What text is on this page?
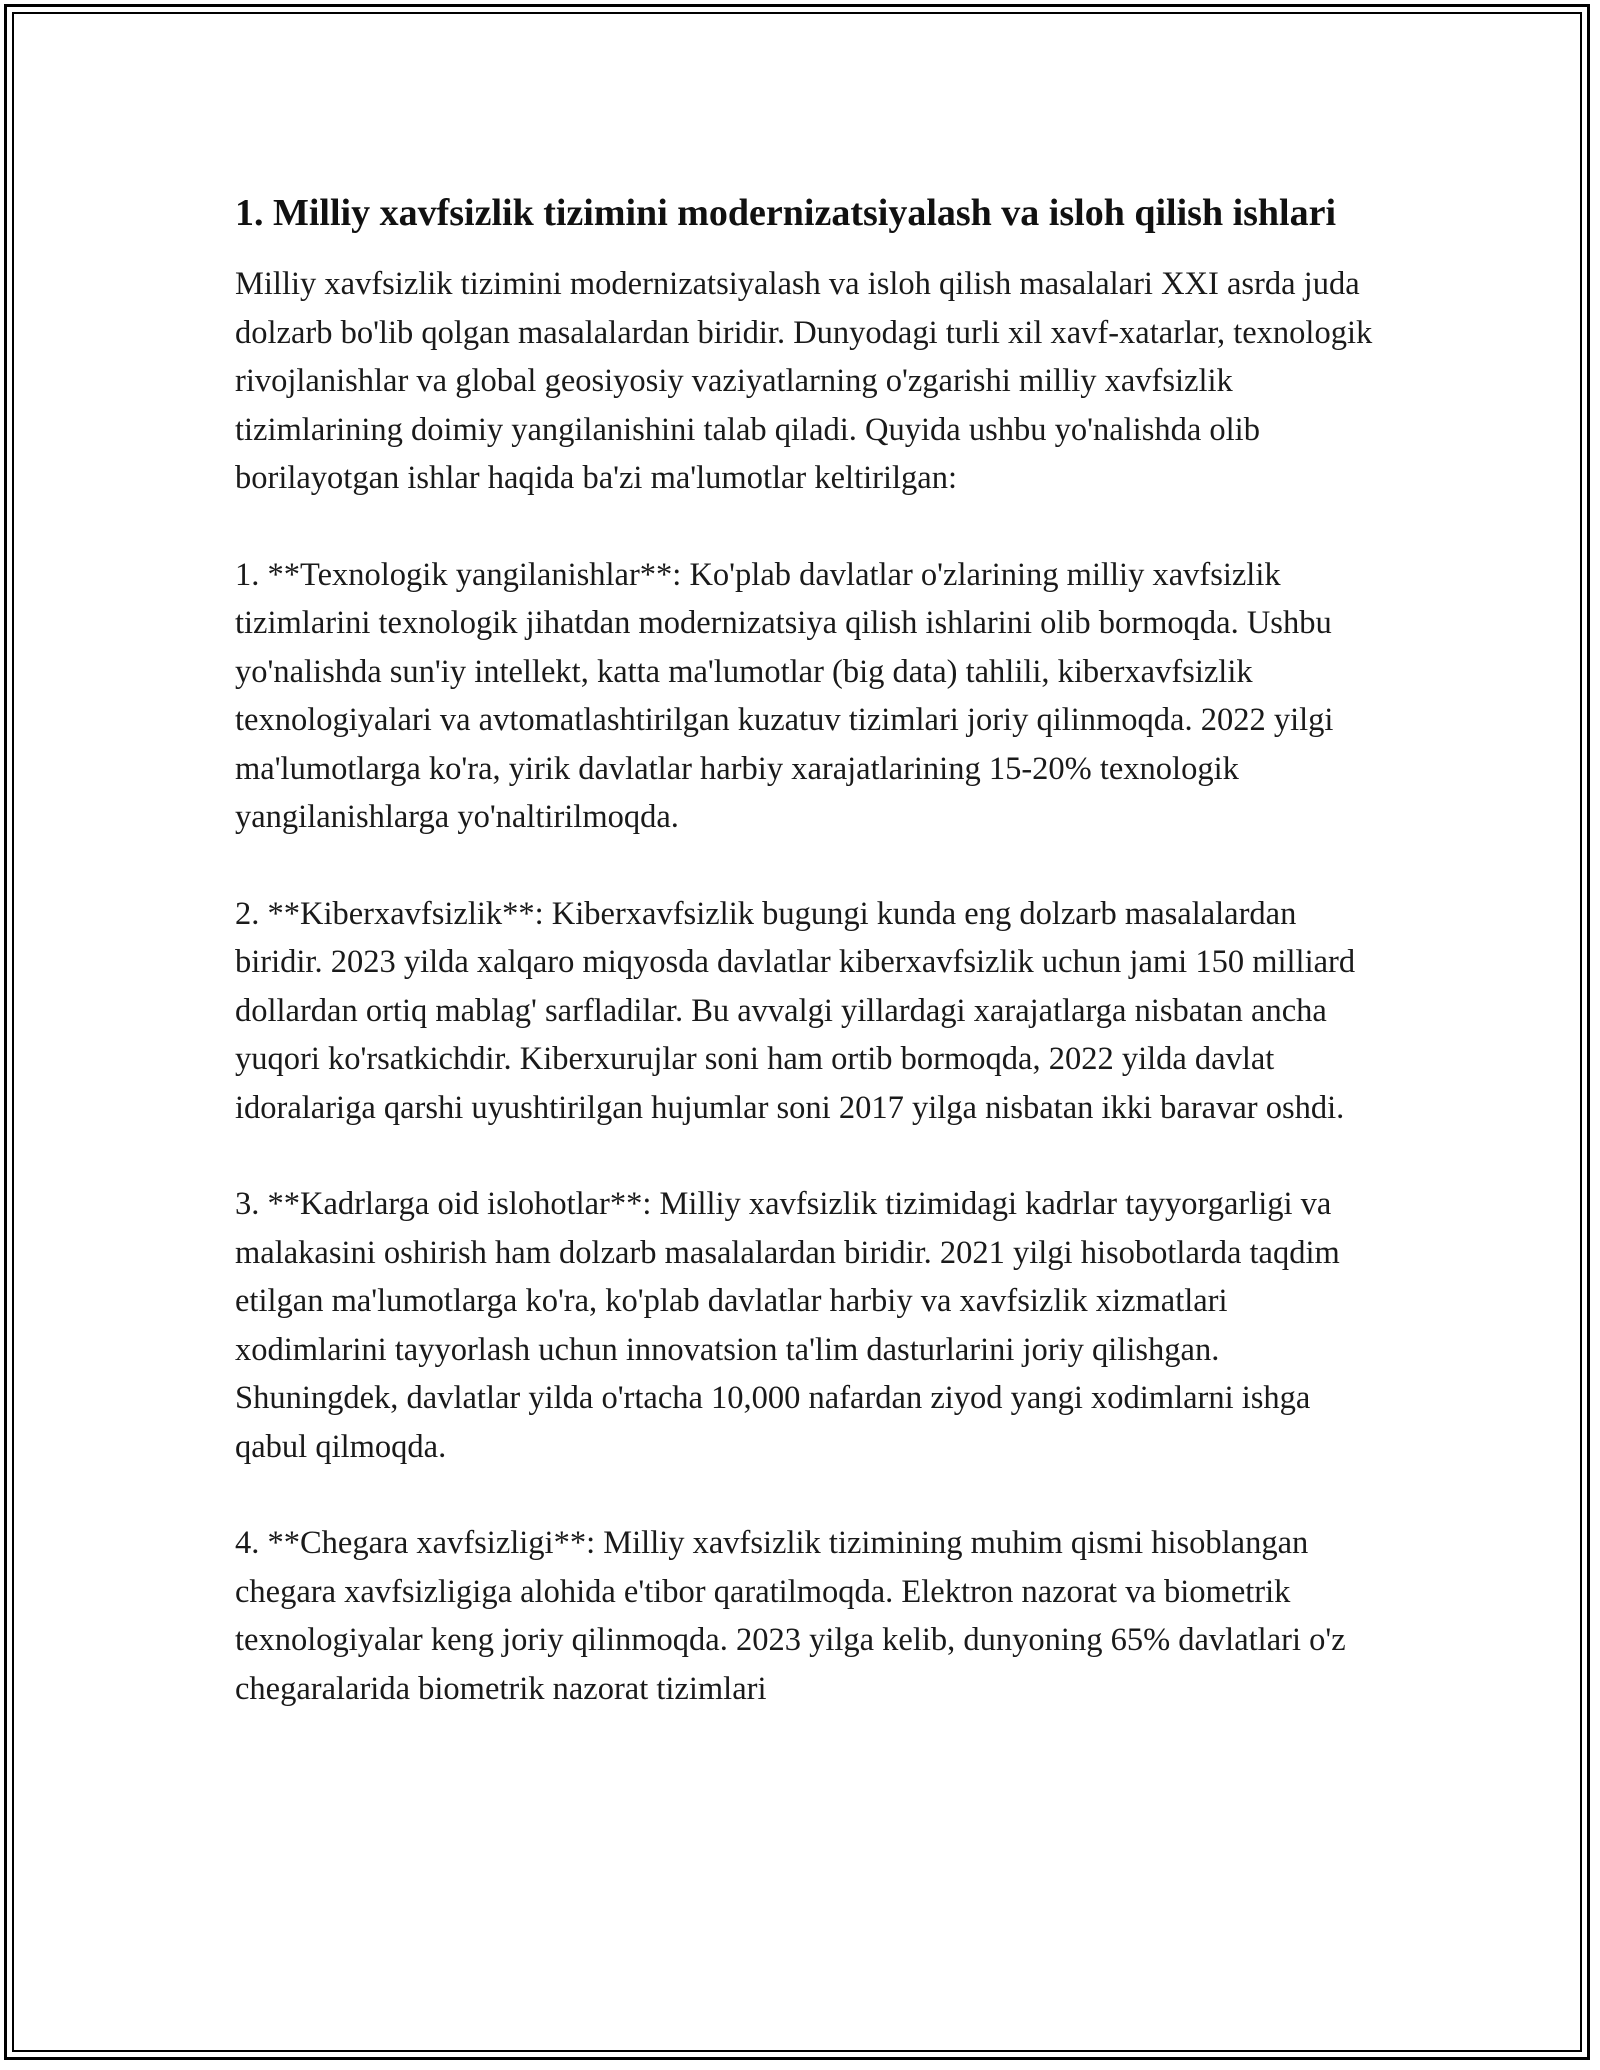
1. Milliy xavfsizlik tizimini modernizatsiyalash va isloh qilish ishlari

Milliy xavfsizlik tizimini modernizatsiyalash va isloh qilish masalalari XXI asrda juda dolzarb bo'lib qolgan masalalardan biridir. Dunyodagi turli xil xavf-xatarlar, texnologik rivojlanishlar va global geosiyosiy vaziyatlarning o'zgarishi milliy xavfsizlik tizimlarining doimiy yangilanishini talab qiladi. Quyida ushbu yo'nalishda olib borilayotgan ishlar haqida ba'zi ma'lumotlar keltirilgan:

1. **Texnologik yangilanishlar**: Ko'plab davlatlar o'zlarining milliy xavfsizlik tizimlarini texnologik jihatdan modernizatsiya qilish ishlarini olib bormoqda. Ushbu yo'nalishda sun'iy intellekt, katta ma'lumotlar (big data) tahlili, kiberxavfsizlik texnologiyalari va avtomatlashtirilgan kuzatuv tizimlari joriy qilinmoqda. 2022 yilgi ma'lumotlarga ko'ra, yirik davlatlar harbiy xarajatlarining 15-20% texnologik yangilanishlarga yo'naltirilmoqda.

2. **Kiberxavfsizlik**: Kiberxavfsizlik bugungi kunda eng dolzarb masalalardan biridir. 2023 yilda xalqaro miqyosda davlatlar kiberxavfsizlik uchun jami 150 milliard dollardan ortiq mablag' sarfladilar. Bu avvalgi yillardagi xarajatlarga nisbatan ancha yuqori ko'rsatkichdir. Kiberxurujlar soni ham ortib bormoqda, 2022 yilda davlat idoralariga qarshi uyushtirilgan hujumlar soni 2017 yilga nisbatan ikki baravar oshdi.

3. **Kadrlarga oid islohotlar**: Milliy xavfsizlik tizimidagi kadrlar tayyorgarligi va malakasini oshirish ham dolzarb masalalardan biridir. 2021 yilgi hisobotlarda taqdim etilgan ma'lumotlarga ko'ra, ko'plab davlatlar harbiy va xavfsizlik xizmatlari xodimlarini tayyorlash uchun innovatsion ta'lim dasturlarini joriy qilishgan. Shuningdek, davlatlar yilda o'rtacha 10,000 nafardan ziyod yangi xodimlarni ishga qabul qilmoqda.

4. **Chegara xavfsizligi**: Milliy xavfsizlik tizimining muhim qismi hisoblangan chegara xavfsizligiga alohida e'tibor qaratilmoqda. Elektron nazorat va biometrik texnologiyalar keng joriy qilinmoqda. 2023 yilga kelib, dunyoning 65% davlatlari o'z chegaralarida biometrik nazorat tizimlari
